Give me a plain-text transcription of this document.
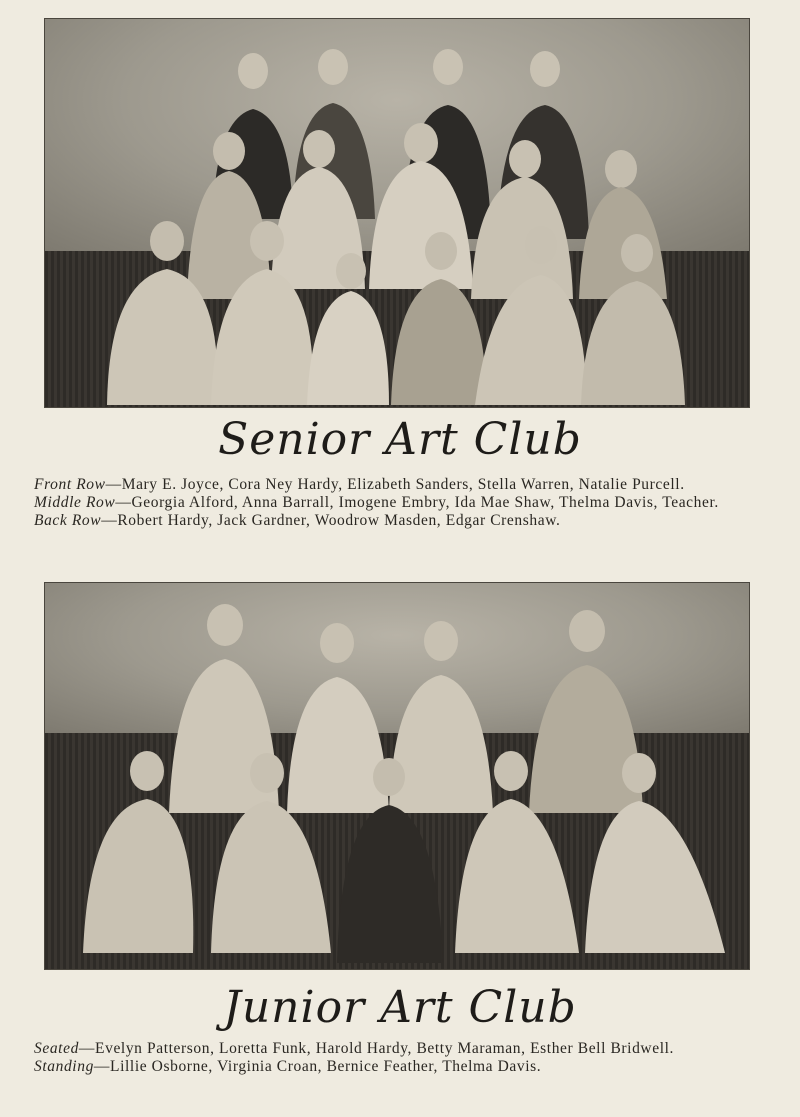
Senior Art Club

Front Row—Mary E. Joyce, Cora Ney Hardy, Elizabeth Sanders, Stella Warren, Natalie Purcell.

Middle Row—Georgia Alford, Anna Barrall, Imogene Embry, Ida Mae Shaw, Thelma Davis, Teacher.

Back Row—Robert Hardy, Jack Gardner, Woodrow Masden, Edgar Crenshaw.

Junior Art Club

Seated—Evelyn Patterson, Loretta Funk, Harold Hardy, Betty Maraman, Esther Bell Bridwell.

Standing—Lillie Osborne, Virginia Croan, Bernice Feather, Thelma Davis.
